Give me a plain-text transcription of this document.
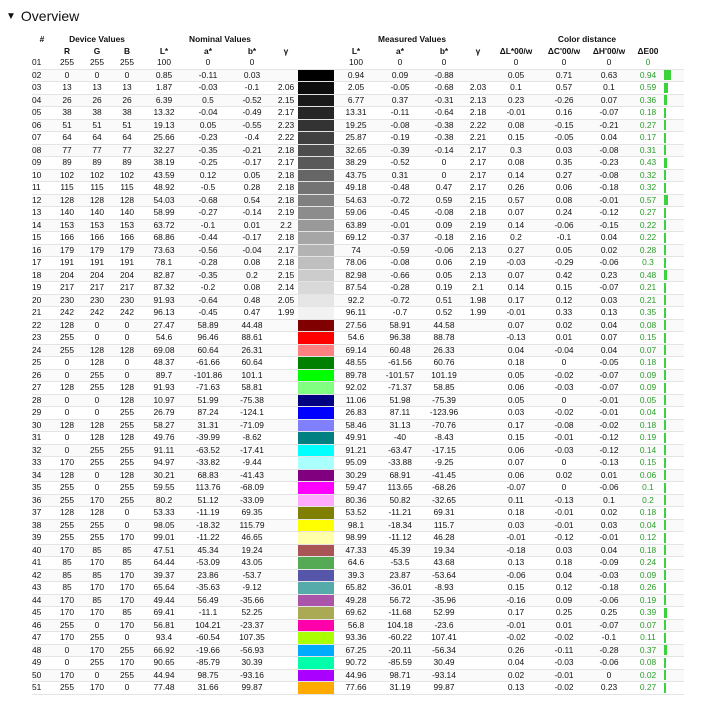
▼ Overview
#	Device Values			Nominal Values					Measured Values				Color distance				
	R	G	B	L*	a*	b*	γ		L*	a*	b*	γ	ΔL*00/w	ΔC'00/w	ΔH'00/w	ΔE00	
01	255	255	255	100	0	0			100	0	0		0	0	0	0	
02	0	0	0	0.85	-0.11	0.03			0.94	0.09	-0.88		0.05	0.71	0.63	0.94	
03	13	13	13	1.87	-0.03	-0.1	2.06		2.05	-0.05	-0.68	2.03	0.1	0.57	0.1	0.59	
04	26	26	26	6.39	0.5	-0.52	2.15		6.77	0.37	-0.31	2.13	0.23	-0.26	0.07	0.36	
05	38	38	38	13.32	-0.04	-0.49	2.17		13.31	-0.11	-0.64	2.18	-0.01	0.16	-0.07	0.18	
06	51	51	51	19.13	0.05	-0.55	2.23		19.25	-0.08	-0.38	2.22	0.08	-0.15	-0.21	0.27	
07	64	64	64	25.66	-0.23	-0.4	2.22		25.87	-0.19	-0.38	2.21	0.15	-0.05	0.04	0.17	
08	77	77	77	32.27	-0.35	-0.21	2.18		32.65	-0.39	-0.14	2.17	0.3	0.03	-0.08	0.31	
09	89	89	89	38.19	-0.25	-0.17	2.17		38.29	-0.52	0	2.17	0.08	0.35	-0.23	0.43	
10	102	102	102	43.59	0.12	0.05	2.18		43.75	0.31	0	2.17	0.14	0.27	-0.08	0.32	
11	115	115	115	48.92	-0.5	0.28	2.18		49.18	-0.48	0.47	2.17	0.26	0.06	-0.18	0.32	
12	128	128	128	54.03	-0.68	0.54	2.18		54.63	-0.72	0.59	2.15	0.57	0.08	-0.01	0.57	
13	140	140	140	58.99	-0.27	-0.14	2.19		59.06	-0.45	-0.08	2.18	0.07	0.24	-0.12	0.27	
14	153	153	153	63.72	-0.1	0.01	2.2		63.89	-0.01	0.09	2.19	0.14	-0.06	-0.15	0.22	
15	166	166	166	68.86	-0.44	-0.17	2.18		69.12	-0.37	-0.18	2.16	0.2	-0.1	0.04	0.22	
16	179	179	179	73.63	-0.56	-0.04	2.17		74	-0.59	-0.06	2.13	0.27	0.05	0.02	0.28	
17	191	191	191	78.1	-0.28	0.08	2.18		78.06	-0.08	0.06	2.19	-0.03	-0.29	-0.06	0.3	
18	204	204	204	82.87	-0.35	0.2	2.15		82.98	-0.66	0.05	2.13	0.07	0.42	0.23	0.48	
19	217	217	217	87.32	-0.2	0.08	2.14		87.54	-0.28	0.19	2.1	0.14	0.15	-0.07	0.21	
20	230	230	230	91.93	-0.64	0.48	2.05		92.2	-0.72	0.51	1.98	0.17	0.12	0.03	0.21	
21	242	242	242	96.13	-0.45	0.47	1.99		96.11	-0.7	0.52	1.99	-0.01	0.33	0.13	0.35	
22	128	0	0	27.47	58.89	44.48			27.56	58.91	44.58		0.07	0.02	0.04	0.08	
23	255	0	0	54.6	96.46	88.61			54.6	96.38	88.78		-0.13	0.01	0.07	0.15	
24	255	128	128	69.08	60.64	26.31			69.14	60.48	26.33		0.04	-0.04	0.04	0.07	
25	0	128	0	48.37	-61.66	60.64			48.55	-61.56	60.76		0.18	0	-0.05	0.18	
26	0	255	0	89.7	-101.86	101.1			89.78	-101.57	101.19		0.05	-0.02	-0.07	0.09	
27	128	255	128	91.93	-71.63	58.81			92.02	-71.37	58.85		0.06	-0.03	-0.07	0.09	
28	0	0	128	10.97	51.99	-75.38			11.06	51.98	-75.39		0.05	0	-0.01	0.05	
29	0	0	255	26.79	87.24	-124.1			26.83	87.11	-123.96		0.03	-0.02	-0.01	0.04	
30	128	128	255	58.27	31.31	-71.09			58.46	31.13	-70.76		0.17	-0.08	-0.02	0.18	
31	0	128	128	49.76	-39.99	-8.62			49.91	-40	-8.43		0.15	-0.01	-0.12	0.19	
32	0	255	255	91.11	-63.52	-17.41			91.21	-63.47	-17.15		0.06	-0.03	-0.12	0.14	
33	170	255	255	94.97	-33.82	-9.44			95.09	-33.88	-9.25		0.07	0	-0.13	0.15	
34	128	0	128	30.21	68.83	-41.43			30.29	68.91	-41.45		0.06	0.02	0.01	0.06	
35	255	0	255	59.55	113.76	-68.09			59.47	113.65	-68.26		-0.07	0	-0.06	0.1	
36	255	170	255	80.2	51.12	-33.09			80.36	50.82	-32.65		0.11	-0.13	0.1	0.2	
37	128	128	0	53.33	-11.19	69.35			53.52	-11.21	69.31		0.18	-0.01	0.02	0.18	
38	255	255	0	98.05	-18.32	115.79			98.1	-18.34	115.7		0.03	-0.01	0.03	0.04	
39	255	255	170	99.01	-11.22	46.65			98.99	-11.12	46.28		-0.01	-0.12	-0.01	0.12	
40	170	85	85	47.51	45.34	19.24			47.33	45.39	19.34		-0.18	0.03	0.04	0.18	
41	85	170	85	64.44	-53.09	43.05			64.6	-53.5	43.68		0.13	0.18	-0.09	0.24	
42	85	85	170	39.37	23.86	-53.7			39.3	23.87	-53.64		-0.06	0.04	-0.03	0.09	
43	85	170	170	65.64	-35.63	-9.12			65.82	-36.01	-8.93		0.15	0.12	-0.18	0.26	
44	170	85	170	49.44	56.49	-35.66			49.28	56.72	-35.96		-0.16	0.09	-0.06	0.19	
45	170	170	85	69.41	-11.1	52.25			69.62	-11.68	52.99		0.17	0.25	0.25	0.39	
46	255	0	170	56.81	104.21	-23.37			56.8	104.18	-23.6		-0.01	0.01	-0.07	0.07	
47	170	255	0	93.4	-60.54	107.35			93.36	-60.22	107.41		-0.02	-0.02	-0.1	0.11	
48	0	170	255	66.92	-19.66	-56.93			67.25	-20.11	-56.34		0.26	-0.11	-0.28	0.37	
49	0	255	170	90.65	-85.79	30.39			90.72	-85.59	30.49		0.04	-0.03	-0.06	0.08	
50	170	0	255	44.94	98.75	-93.16			44.96	98.71	-93.14		0.02	-0.01	0	0.02	
51	255	170	0	77.48	31.66	99.87			77.66	31.19	99.87		0.13	-0.02	0.23	0.27	
